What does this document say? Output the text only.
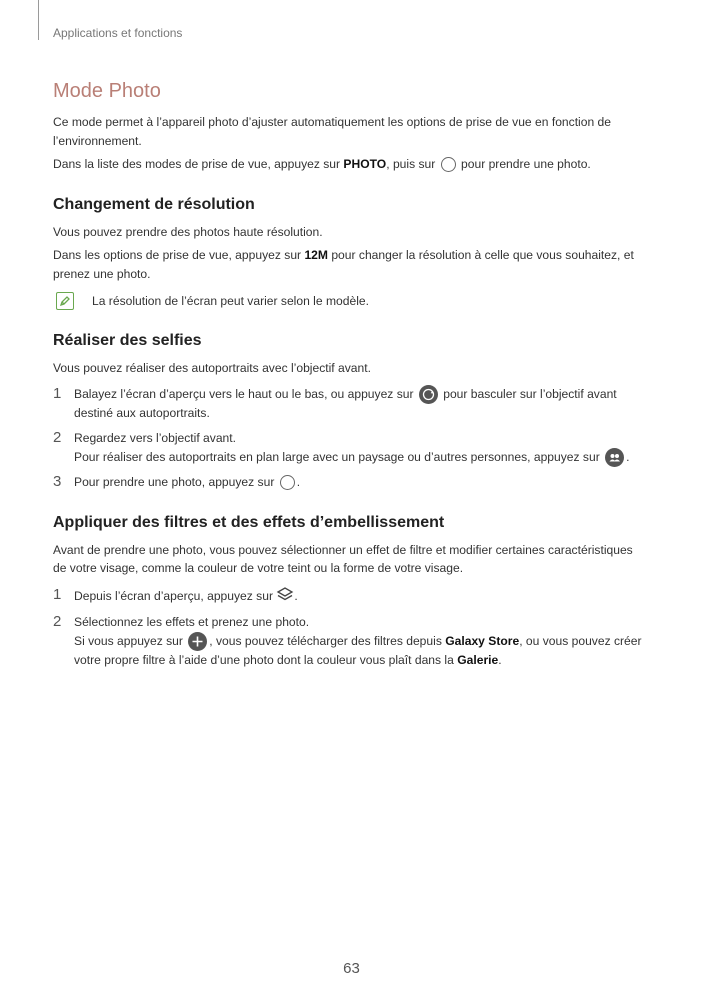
Applications et fonctions
Mode Photo

Ce mode permet à l’appareil photo d’ajuster automatiquement les options de prise de vue en fonction de l’environnement.

Dans la liste des modes de prise de vue, appuyez sur PHOTO, puis sur  pour prendre une photo.

Changement de résolution

Vous pouvez prendre des photos haute résolution.

Dans les options de prise de vue, appuyez sur 12M pour changer la résolution à celle que vous souhaitez, et prenez une photo.

La résolution de l’écran peut varier selon le modèle.
Réaliser des selfies

Vous pouvez réaliser des autoportraits avec l’objectif avant.

1	Balayez l’écran d’aperçu vers le haut ou le bas, ou appuyez sur  pour basculer sur l’objectif avant destiné aux autoportraits.
2	Regardez vers l’objectif avant.
Pour réaliser des autoportraits en plan large avec un paysage ou d’autres personnes, appuyez sur .
3	Pour prendre une photo, appuyez sur .
Appliquer des filtres et des effets d’embellissement

Avant de prendre une photo, vous pouvez sélectionner un effet de filtre et modifier certaines caractéristiques de votre visage, comme la couleur de votre teint ou la forme de votre visage.

1	Depuis l’écran d’aperçu, appuyez sur .
2	Sélectionnez les effets et prenez une photo.
Si vous appuyez sur , vous pouvez télécharger des filtres depuis Galaxy Store, ou vous pouvez créer votre propre filtre à l’aide d’une photo dont la couleur vous plaît dans la Galerie.
63
